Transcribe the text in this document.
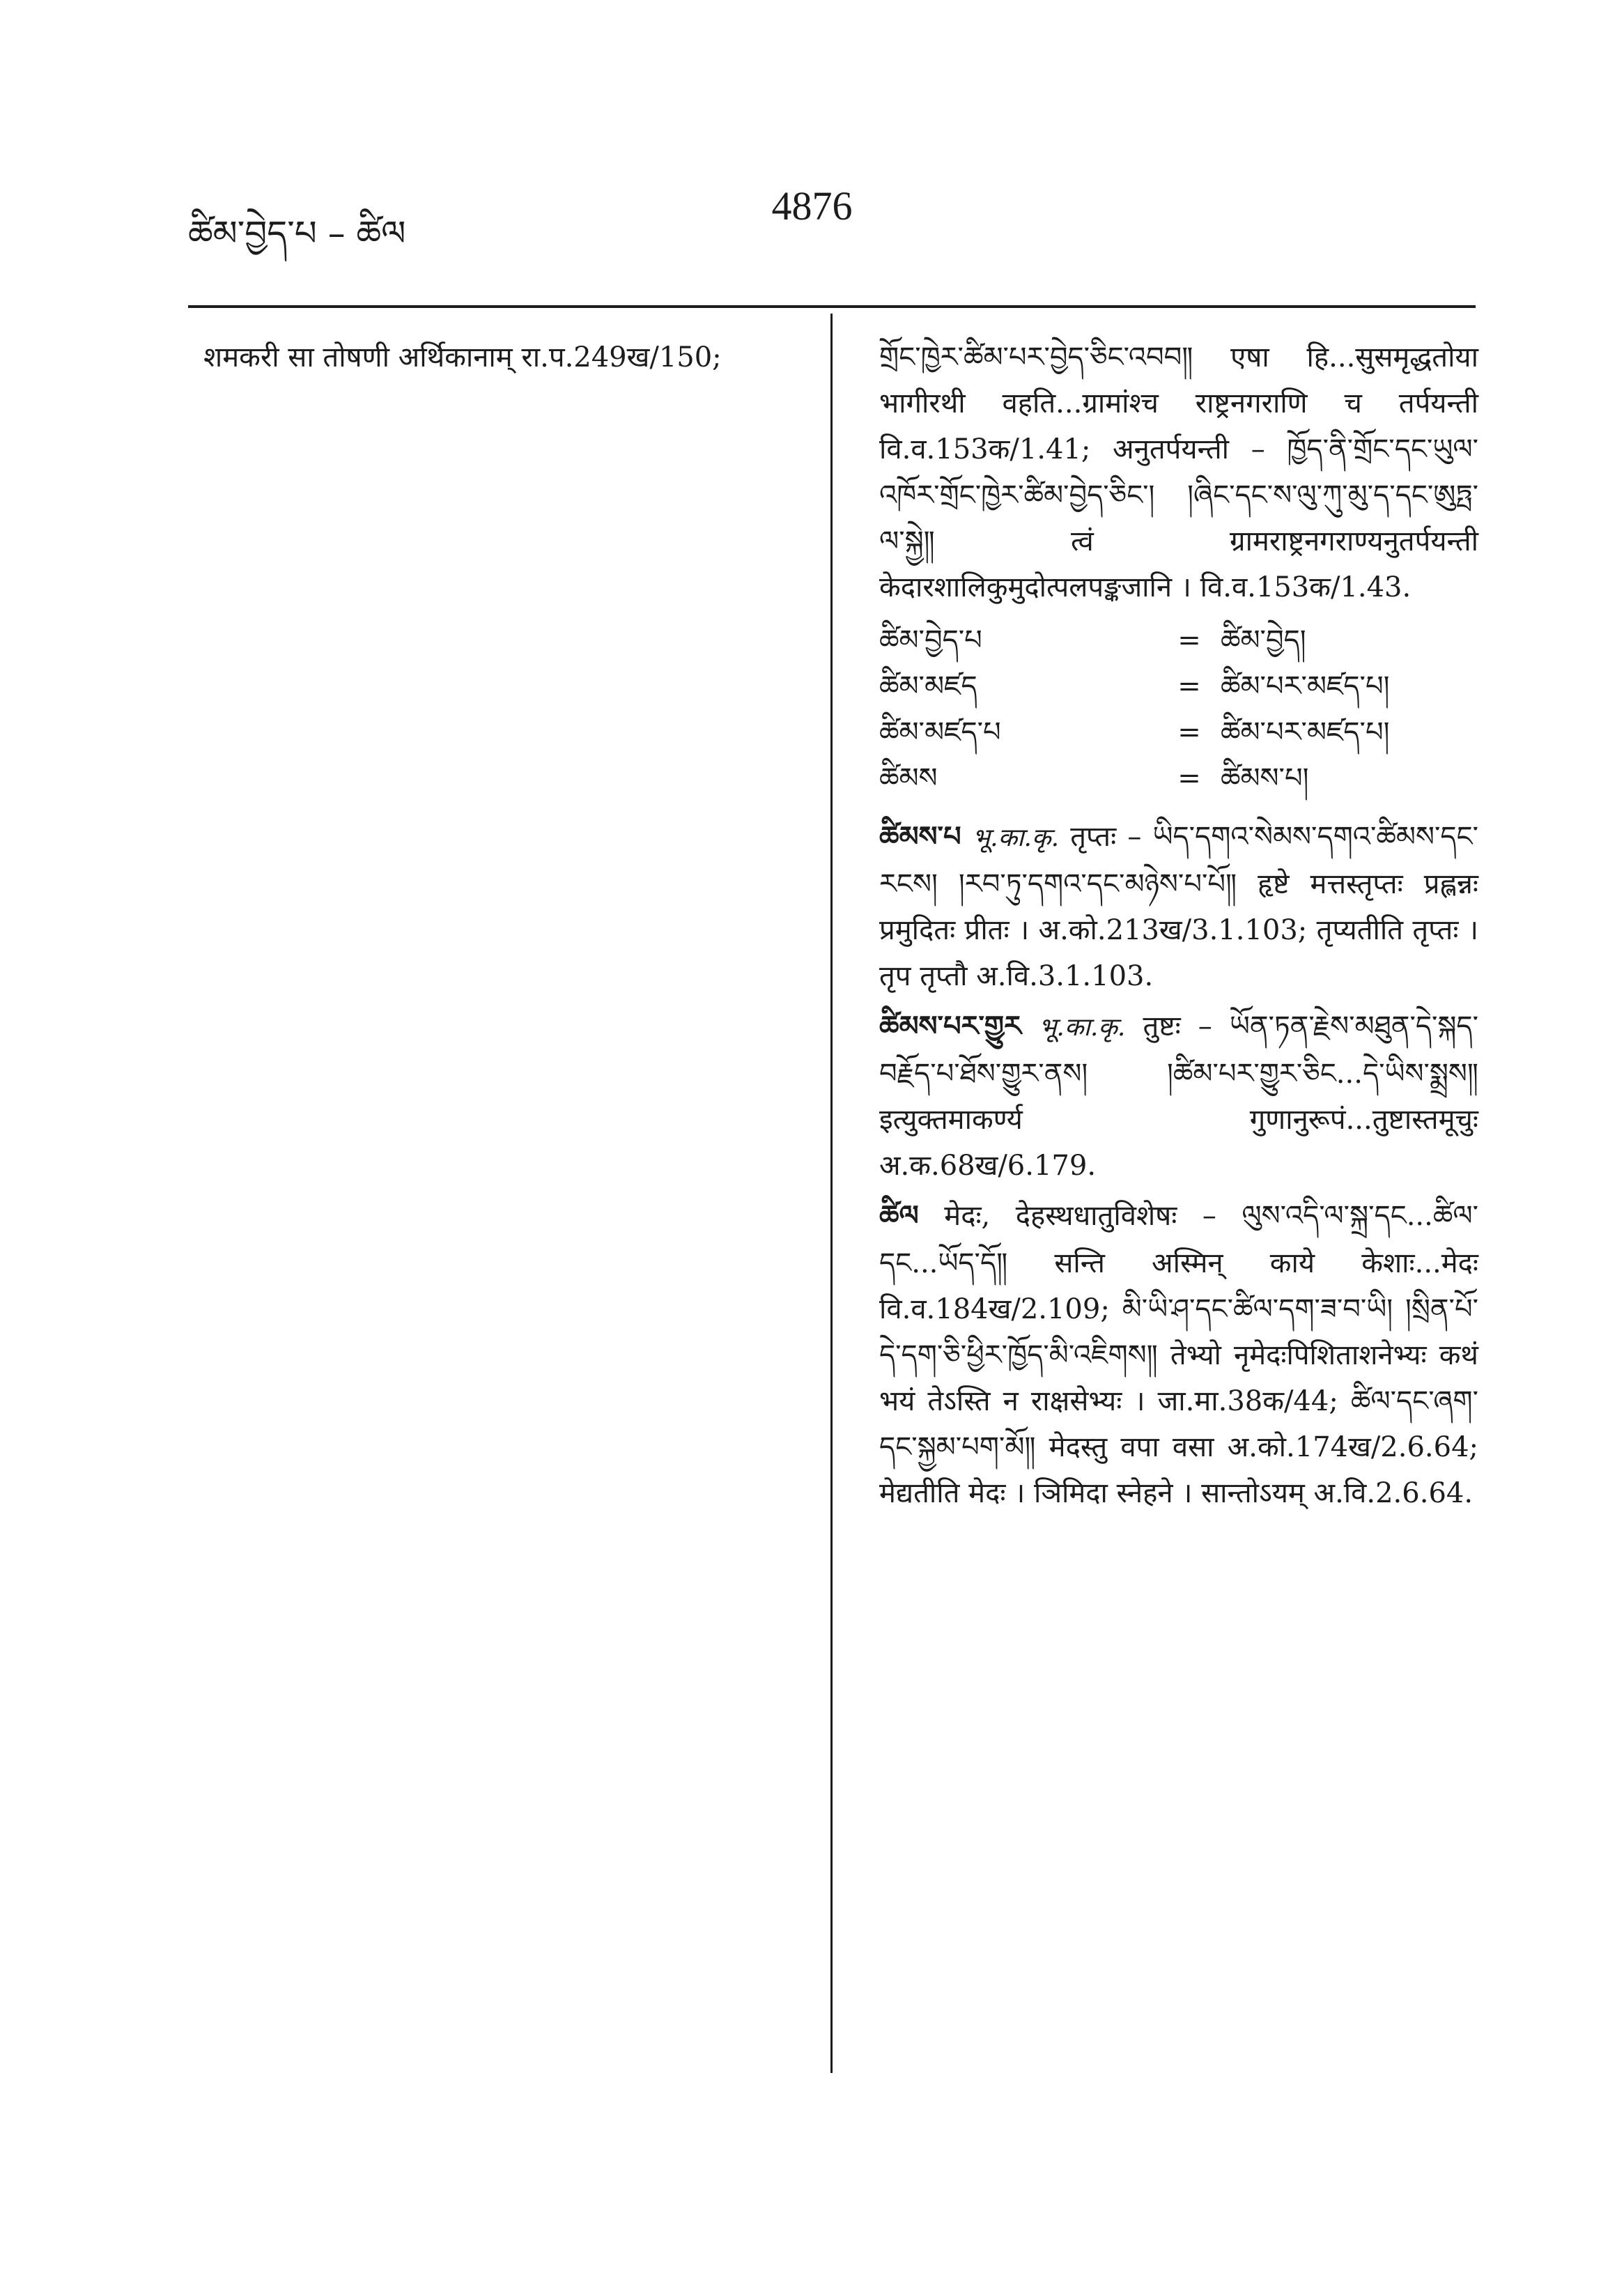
ཚིམ་བྱེད་པ – ཚིལ
4876

शमकरी सा तोषणी अर्थिकानाम् रा.प.249ख/150;	གྲོང་ཁྱེར་ཚིམ་པར་བྱེད་ཅིང་འབབ༎ एषा हि...सुसमृद्धतोया भागीरथी वहति...ग्रामांश्च राष्ट्रनगराणि च तर्पयन्ती वि.व.153क/1.41; अनुतर्पयन्ती – ཁྱོད་ནི་གྲོང་དང་ཡུལ་འཁོར་གྲོང་ཁྱེར་ཚིམ་བྱེད་ཅིང་། །ཞིང་དང་ས་ལུ་ཀུ་མུ་ད་དང་ཨུཏྤ་ལ་སྐྱེ༎ त्वं ग्रामराष्ट्रनगराण्यनुतर्पयन्ती केदारशालिकुमुदोत्पलपङ्कजानि । वि.व.153क/1.43.

ཚིམ་བྱེད་པ	= ཚིམ་བྱེད།
ཚིམ་མཛད	= ཚིམ་པར་མཛད་པ།
ཚིམ་མཛད་པ	= ཚིམ་པར་མཛད་པ།
ཚིམས	= ཚིམས་པ།

ཚིམས་པ भू.का.कृ. तृप्तः – ཡིད་དགའ་སེམས་དགའ་ཚིམས་དང་རངས། །རབ་ཏུ་དགའ་དང་མཉེས་པ་པོ༎ हृष्टे मत्तस्तृप्तः प्रह्लन्नः प्रमुदितः प्रीतः । अ.को.213ख/3.1.103; तृप्यतीति तृप्तः । तृप तृप्तौ अ.वि.3.1.103.

ཚིམས་པར་གྱུར भू.का.कृ. तुष्टः – ཡོན་ཏན་རྗེས་མཐུན་དེ་སྐད་བརྗོད་པ་ཐོས་གྱུར་ནས། །ཚིམ་པར་གྱུར་ཅིང...དེ་ཡིས་སྨྲས༎ इत्युक्तमाकर्ण्य गुणानुरूपं...तुष्टास्तमूचुः अ.क.68ख/6.179.

ཚིལ मेदः, देहस्थधातुविशेषः – ལུས་འདི་ལ་སྐྲ་དང...ཚིལ་དང...ཡོད་དོ༎ सन्ति अस्मिन् काये केशाः...मेदः वि.व.184ख/2.109; མི་ཡི་ཤ་དང་ཚིལ་དག་ཟ་བ་ཡི། །སྲིན་པོ་དེ་དག་ཅི་ཕྱིར་ཁྱོད་མི་འཇིགས༎ तेभ्यो नृमेदःपिशिताशनेभ्यः कथं भयं तेऽस्ति न राक्षसेभ्यः । जा.मा.38क/44; ཚིལ་དང་ཞག་དང་སྐྱམ་པག་མོ༎ मेदस्तु वपा वसा अ.को.174ख/2.6.64; मेद्यतीति मेदः । ञिमिदा स्नेहने । सान्तोऽयम् अ.वि.2.6.64.
